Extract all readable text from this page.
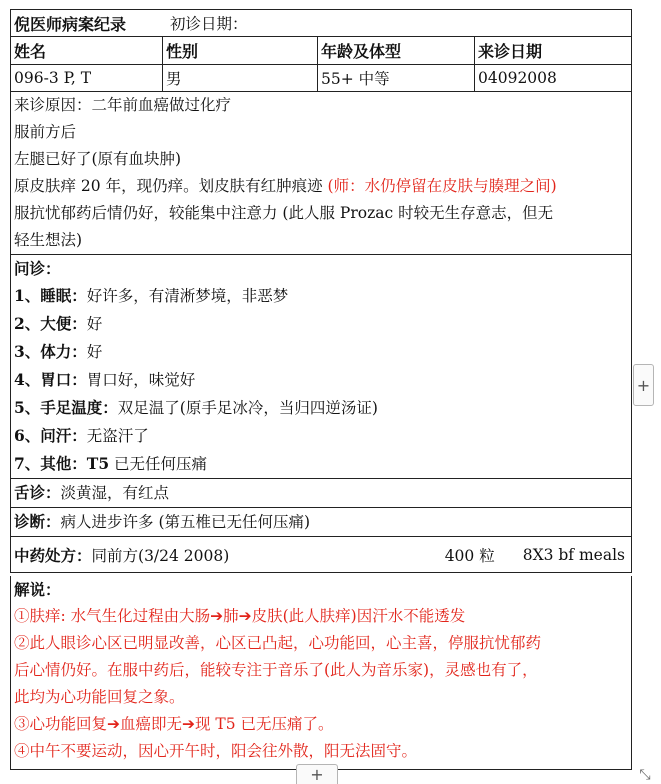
倪医师病案纪录	初诊日期：
姓名	性别	年龄及体型	来诊日期
096-3 P, T	男	55+ 中等	04092008
来诊原因：二年前血癌做过化疗
服前方后
左腿已好了(原有血块肿)
原皮肤痒 20 年，现仍痒。划皮肤有红肿痕迹 (师：水仍停留在皮肤与腠理之间)
服抗忧郁药后情仍好，较能集中注意力 (此人服 Prozac 时较无生存意志，但无
轻生想法)
问诊：
1、睡眠：好许多，有清淅梦境，非恶梦
2、大便：好
3、体力：好
4、胃口：胃口好，味觉好
5、手足温度：双足温了(原手足冰冷，当归四逆汤证)
6、问汗：无盗汗了
7、其他：T5 已无任何压痛
舌诊：淡黄湿，有红点
诊断：病人进步许多 (第五椎已无任何压痛)
中药处方： 同前方(3/24 2008)	400 粒 8X3 bf meals
解说：
①肤痒: 水气生化过程由大肠➔肺➔皮肤(此人肤痒)因汗水不能透发
②此人眼诊心区已明显改善，心区已凸起，心功能回，心主喜，停服抗忧郁药
后心情仍好。在服中药后，能较专注于音乐了(此人为音乐家)，灵感也有了，
此均为心功能回复之象。
③心功能回复➔血癌即无➔现 T5 已无压痛了。
④中午不要运动，因心开午时，阳会往外散，阳无法固守。
+
+	⤡
